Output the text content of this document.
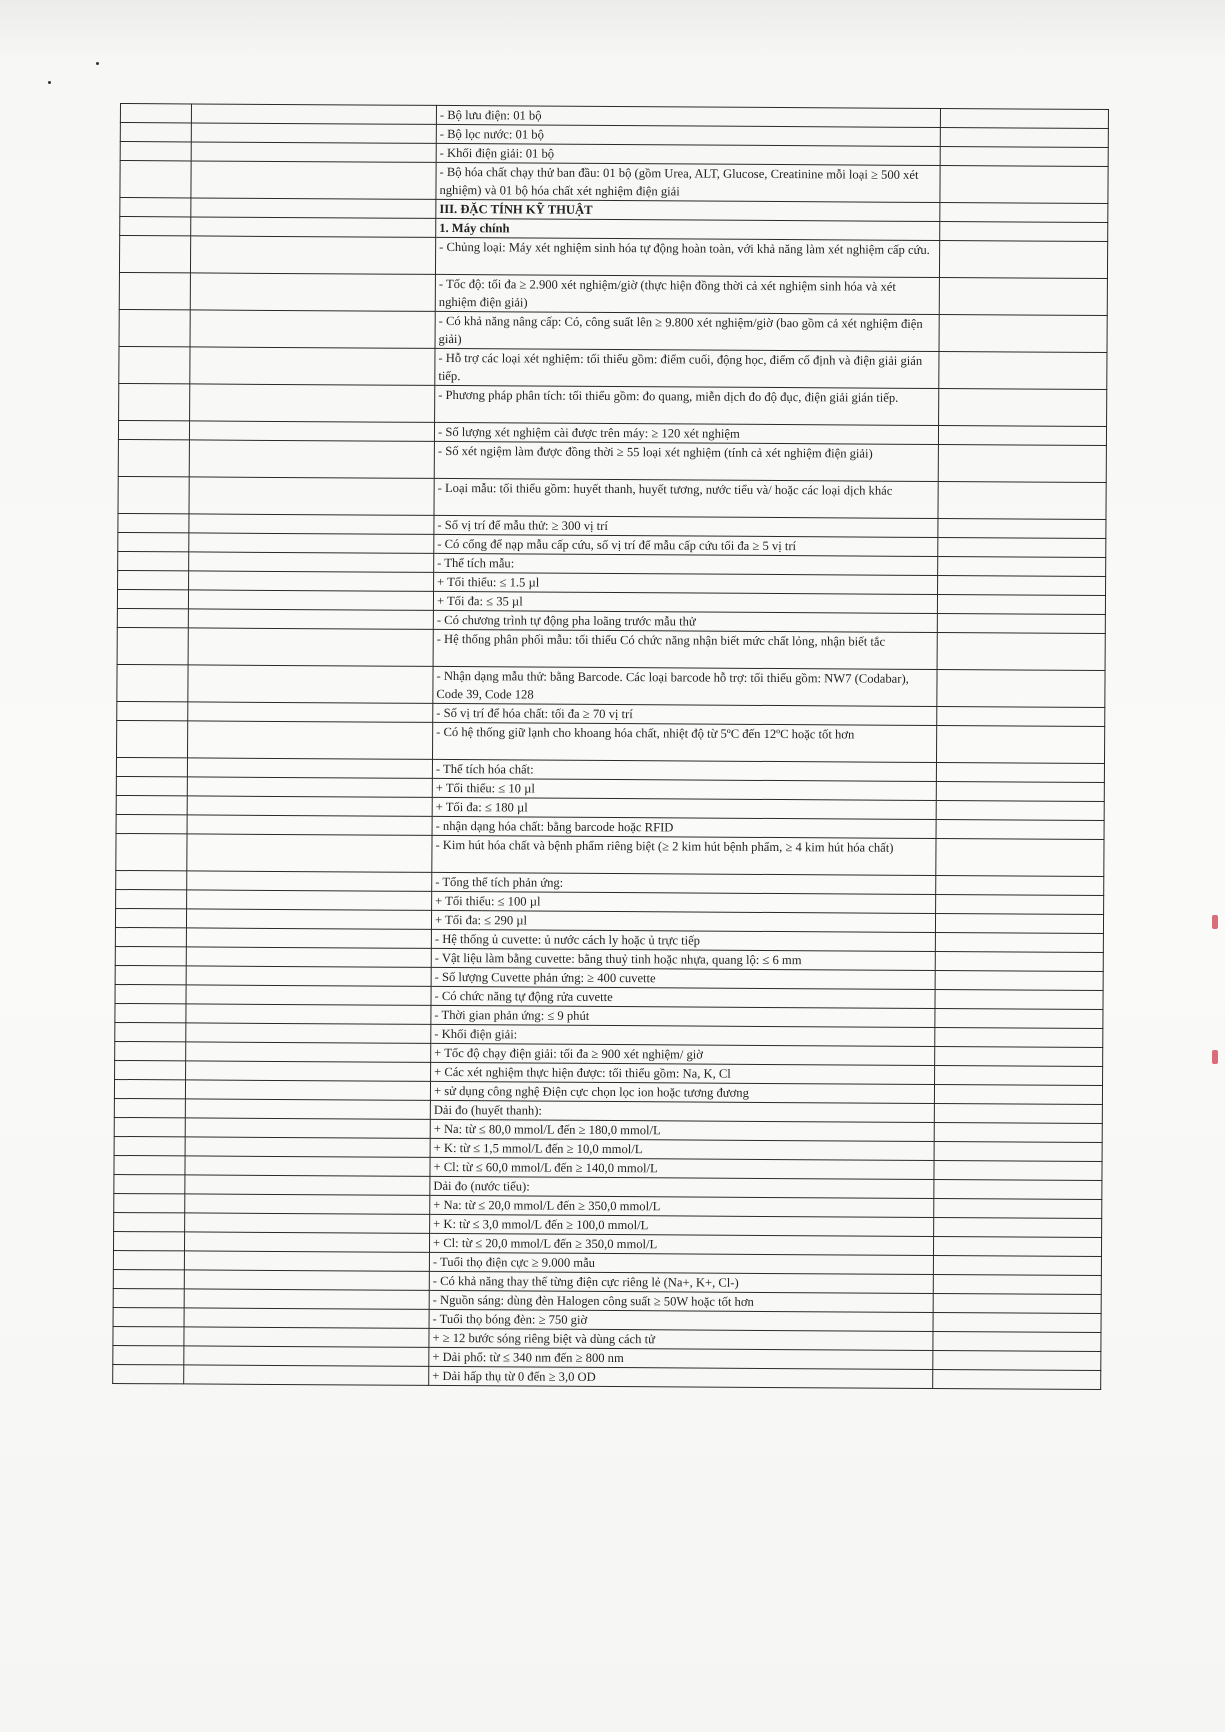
		- Bộ lưu điện: 01 bộ	
		- Bộ lọc nước: 01 bộ	
		- Khối điện giải: 01 bộ	
		- Bộ hóa chất chạy thử ban đầu: 01 bộ (gồm Urea, ALT, Glucose, Creatinine mỗi loại ≥ 500 xét nghiệm) và 01 bộ hóa chất xét nghiệm điện giải	
		III. ĐẶC TÍNH KỸ THUẬT	
		1. Máy chính	
		- Chủng loại: Máy xét nghiệm sinh hóa tự động hoàn toàn, với khả năng làm xét nghiệm cấp cứu.	
		- Tốc độ: tối đa ≥ 2.900 xét nghiệm/giờ (thực hiện đồng thời cả xét nghiệm sinh hóa và xét nghiệm điện giải)	
		- Có khả năng nâng cấp: Có, công suất lên ≥ 9.800 xét nghiệm/giờ (bao gồm cả xét nghiệm điện giải)	
		- Hỗ trợ các loại xét nghiệm: tối thiểu gồm: điểm cuối, động học, điểm cố định và điện giải gián tiếp.	
		- Phương pháp phân tích: tối thiểu gồm: đo quang, miễn dịch đo độ đục, điện giải gián tiếp.	
		- Số lượng xét nghiệm cài được trên máy: ≥ 120 xét nghiệm	
		- Số xét ngiệm làm được đồng thời ≥ 55 loại xét nghiệm (tính cả xét nghiệm điện giải)	
		- Loại mẫu: tối thiểu gồm: huyết thanh, huyết tương, nước tiểu và/ hoặc các loại dịch khác	
		- Số vị trí để mẫu thử: ≥ 300 vị trí	
		- Có cổng để nạp mẫu cấp cứu, số vị trí để mẫu cấp cứu tối đa ≥ 5 vị trí	
		- Thể tích mẫu:	
		+ Tối thiểu: ≤ 1.5 µl	
		+ Tối đa: ≤ 35 µl	
		- Có chương trình tự động pha loãng trước mẫu thử	
		- Hệ thống phân phối mẫu: tối thiểu Có chức năng nhận biết mức chất lỏng, nhận biết tắc	
		- Nhận dạng mẫu thử: bằng Barcode. Các loại barcode hỗ trợ: tối thiểu gồm: NW7 (Codabar), Code 39, Code 128	
		- Số vị trí để hóa chất: tối đa ≥ 70 vị trí	
		- Có hệ thống giữ lạnh cho khoang hóa chất, nhiệt độ từ 5ºC đến 12ºC hoặc tốt hơn	
		- Thể tích hóa chất:	
		+ Tối thiểu: ≤ 10 µl	
		+ Tối đa: ≤ 180 µl	
		- nhận dạng hóa chất: bằng barcode hoặc RFID	
		- Kim hút hóa chất và bệnh phẩm riêng biệt (≥ 2 kim hút bệnh phẩm, ≥ 4 kim hút hóa chất)	
		- Tổng thể tích phản ứng:	
		+ Tối thiểu: ≤ 100 µl	
		+ Tối đa: ≤ 290 µl	
		- Hệ thống ủ cuvette: ủ nước cách ly hoặc ủ trực tiếp	
		- Vật liệu làm bằng cuvette: bằng thuỷ tinh hoặc nhựa, quang lộ: ≤ 6 mm	
		- Số lượng Cuvette phản ứng: ≥ 400 cuvette	
		- Có chức năng tự động rửa cuvette	
		- Thời gian phản ứng: ≤ 9 phút	
		- Khối điện giải:	
		+ Tốc độ chạy điện giải: tối đa ≥ 900 xét nghiệm/ giờ	
		+ Các xét nghiệm thực hiện được: tối thiểu gồm: Na, K, Cl	
		+ sử dụng công nghệ Điện cực chọn lọc ion hoặc tương đương	
		Dải đo (huyết thanh):	
		+ Na: từ ≤ 80,0 mmol/L đến ≥ 180,0 mmol/L	
		+ K: từ ≤ 1,5 mmol/L đến ≥ 10,0 mmol/L	
		+ Cl: từ ≤ 60,0 mmol/L đến ≥ 140,0 mmol/L	
		Dải đo (nước tiểu):	
		+ Na: từ ≤ 20,0 mmol/L đến ≥ 350,0 mmol/L	
		+ K: từ ≤ 3,0 mmol/L đến ≥ 100,0 mmol/L	
		+ Cl: từ ≤ 20,0 mmol/L đến ≥ 350,0 mmol/L	
		- Tuổi thọ điện cực ≥ 9.000 mẫu	
		- Có khả năng thay thế từng điện cực riêng lẻ (Na+, K+, Cl-)	
		- Nguồn sáng: dùng đèn Halogen công suất ≥ 50W hoặc tốt hơn	
		- Tuổi thọ bóng đèn: ≥ 750 giờ	
		+ ≥ 12 bước sóng riêng biệt và dùng cách tử	
		+ Dải phổ: từ ≤ 340 nm đến ≥ 800 nm	
		+ Dải hấp thụ từ 0 đến ≥ 3,0 OD	
